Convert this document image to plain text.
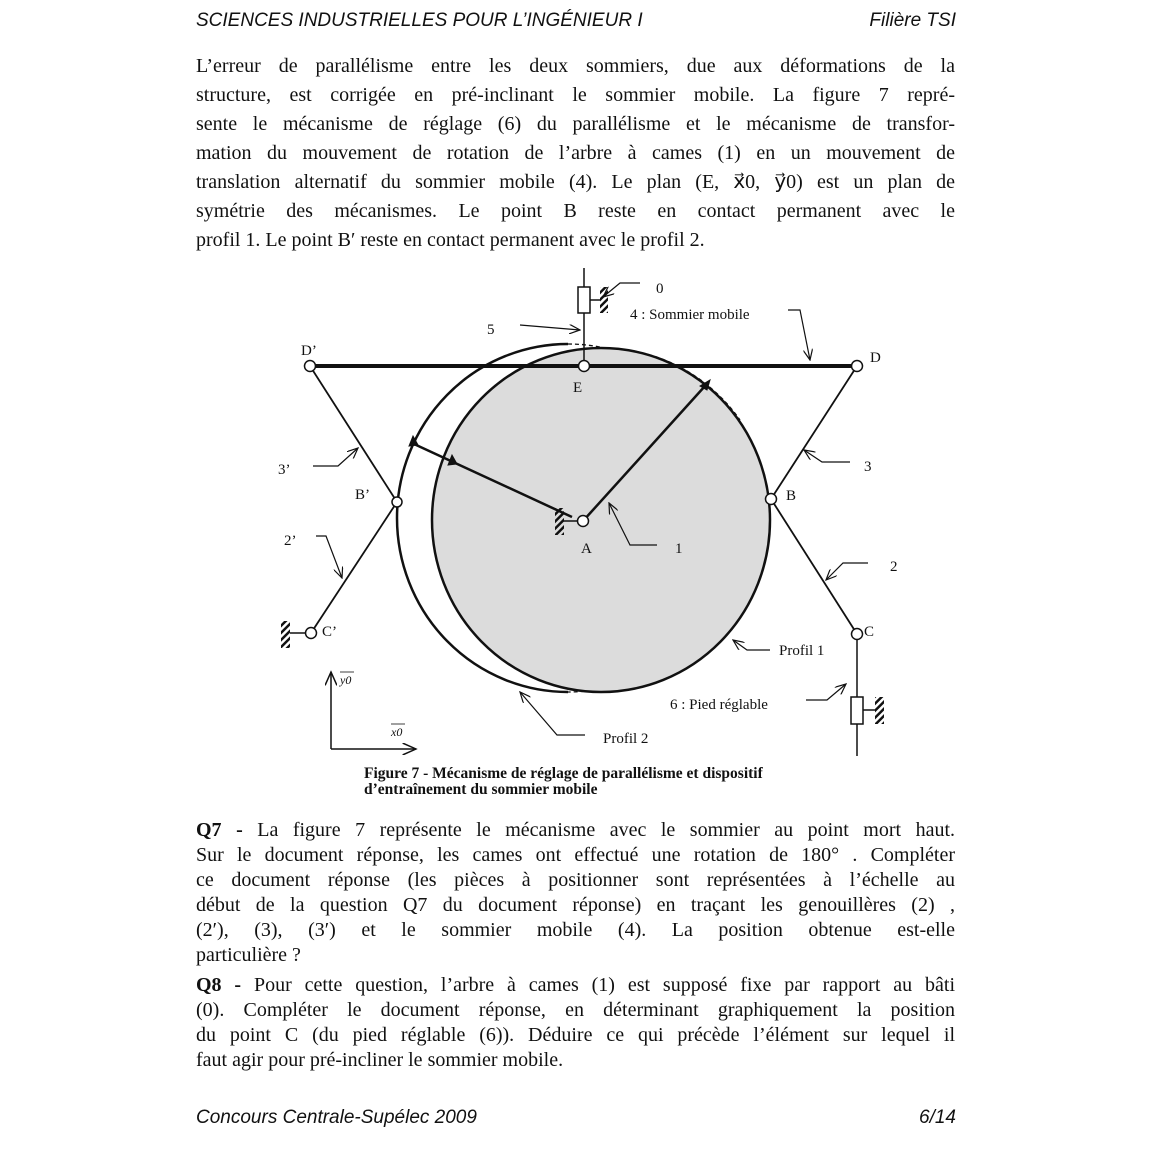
SCIENCES INDUSTRIELLES POUR L’INGÉNIEUR I	Filière TSI
L’erreur de parallélisme entre les deux sommiers, due aux déformations de la
structure, est corrigée en pré-inclinant le sommier mobile. La figure 7 repré-
sente le mécanisme de réglage (6) du parallélisme et le mécanisme de transfor-
mation du mouvement de rotation de l’arbre à cames (1) en un mouvement de
translation alternatif du sommier mobile (4). Le plan (E, x⃗0, y⃗0) est un plan de
symétrie des mécanismes. Le point B reste en contact permanent avec le
profil 1. Le point B′ reste en contact permanent avec le profil 2.
0
4 : Sommier mobile
5
D’	D
E
3’	3
B’	B
A	1
2’
2
C’	C
Profil 1
6 : Pied réglable
Profil 2
y0
x0
Figure 7 - Mécanisme de réglage de parallélisme et dispositif
d’entraînement du sommier mobile
Q7 - La figure 7 représente le mécanisme avec le sommier au point mort haut.
Sur le document réponse, les cames ont effectué une rotation de 180° . Compléter
ce document réponse (les pièces à positionner sont représentées à l’échelle au
début de la question Q7 du document réponse) en traçant les genouillères (2) ,
(2′), (3), (3′) et le sommier mobile (4). La position obtenue est-elle
particulière ?
Q8 - Pour cette question, l’arbre à cames (1) est supposé fixe par rapport au bâti
(0). Compléter le document réponse, en déterminant graphiquement la position
du point C (du pied réglable (6)). Déduire ce qui précède l’élément sur lequel il
faut agir pour pré-incliner le sommier mobile.
Concours Centrale-Supélec 2009	6/14
